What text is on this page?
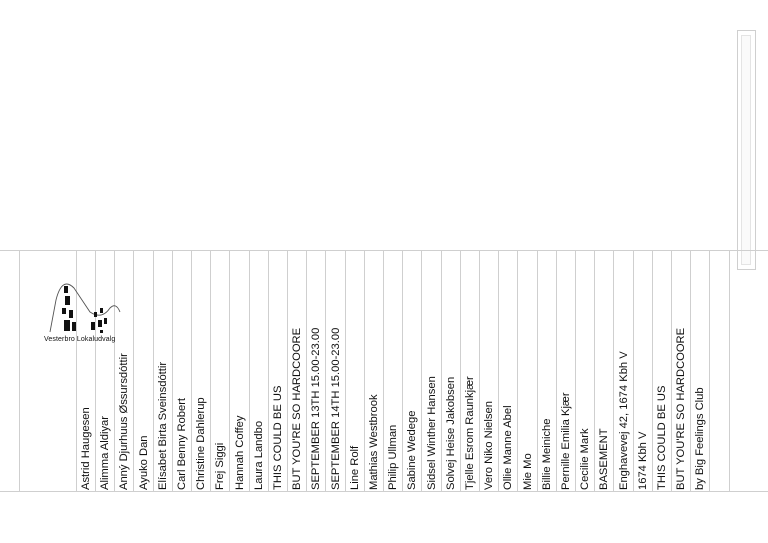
Vesterbro Lokaludvalg
Astrid Haugesen Alimma Aldiyar Anný Djurhuus Øssursdóttir Ayuko Dan Elísabet Birta Sveinsdóttir Carl Benny Robert Christine Dahlerup Frej Siggi Hannah Coffey Laura Landbo THIS COULD BE US BUT YOU'RE SO HARDCOORE SEPTEMBER 13TH 15.00-23.00 SEPTEMBER 14TH 15.00-23.00 Line Rolf Mathias Westbrook Philip Ullman Sabine Wedege Sidsel Winther Hansen Solvej Heise Jakobsen Tjelle Esrom Raunkjær Vero Niko Nielsen Ollie Manne Abel Mie Mo Billie Meiniche Pernille Emilia Kjær Cecilie Mark BASEMENT Enghavevej 42, 1674 Kbh V 1674 Kbh V THIS COULD BE US BUT YOU'RE SO HARDCOORE by Big Feelings Club
